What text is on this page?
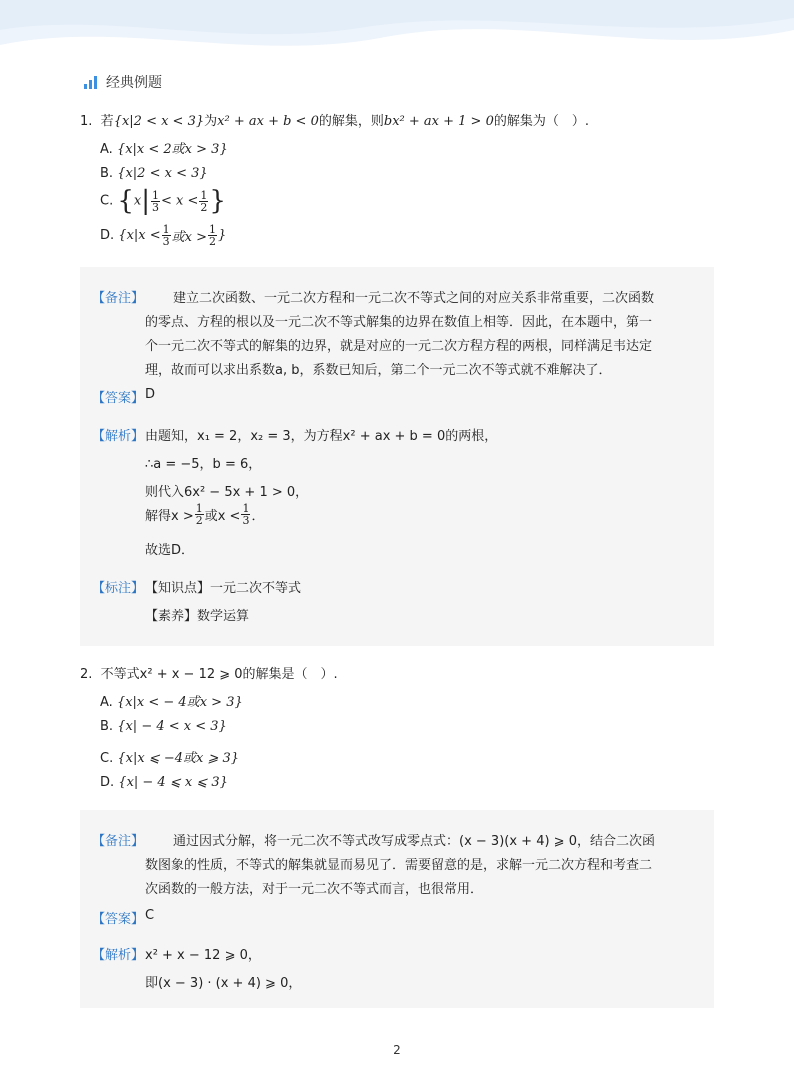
经典例题
1. 若{x|2 < x < 3}为x² + ax + b < 0的解集，则bx² + ax + 1 > 0的解集为（　）.
A. {x|x < 2或x > 3}
B. {x|2 < x < 3}
C. {$x| \frac{1}{3} < x < \frac{1}{2}$ }
D. {$x|x < \frac{1}{3}$ 或$x > \frac{1}{2}$ }
【备注】 建立二次函数、一元二次方程和一元二次不等式之间的对应关系非常重要，二次函数
的零点、方程的根以及一元二次不等式解集的边界在数值上相等．因此，在本题中，第一
个一元二次不等式的解集的边界，就是对应的一元二次方程方程的两根，同样满足韦达定
理，故而可以求出系数a, b，系数已知后，第二个一元二次不等式就不难解决了．
【答案】 D
【解析】 由题知，x₁ = 2，x₂ = 3，为方程x² + ax + b = 0的两根，
∴a = −5，b = 6，
则代入6x² − 5x + 1 > 0，
解得$x > \frac{1}{2}$ 或$x < \frac{1}{3}$ ．
故选D．
【标注】 【知识点】一元二次不等式
【素养】数学运算
2. 不等式x² + x − 12 ⩾ 0的解集是（　）.
A. {x|x < − 4或x > 3}
B. {x| − 4 < x < 3}
C. {x|x ⩽ −4或x ⩾ 3}
D. {x| − 4 ⩽ x ⩽ 3}
【备注】 通过因式分解，将一元二次不等式改写成零点式：(x − 3)(x + 4) ⩾ 0，结合二次函
数图象的性质，不等式的解集就显而易见了．需要留意的是，求解一元二次方程和考查二
次函数的一般方法，对于一元二次不等式而言，也很常用．
【答案】 C
【解析】 x² + x − 12 ⩾ 0，
即(x − 3) · (x + 4) ⩾ 0，
2
